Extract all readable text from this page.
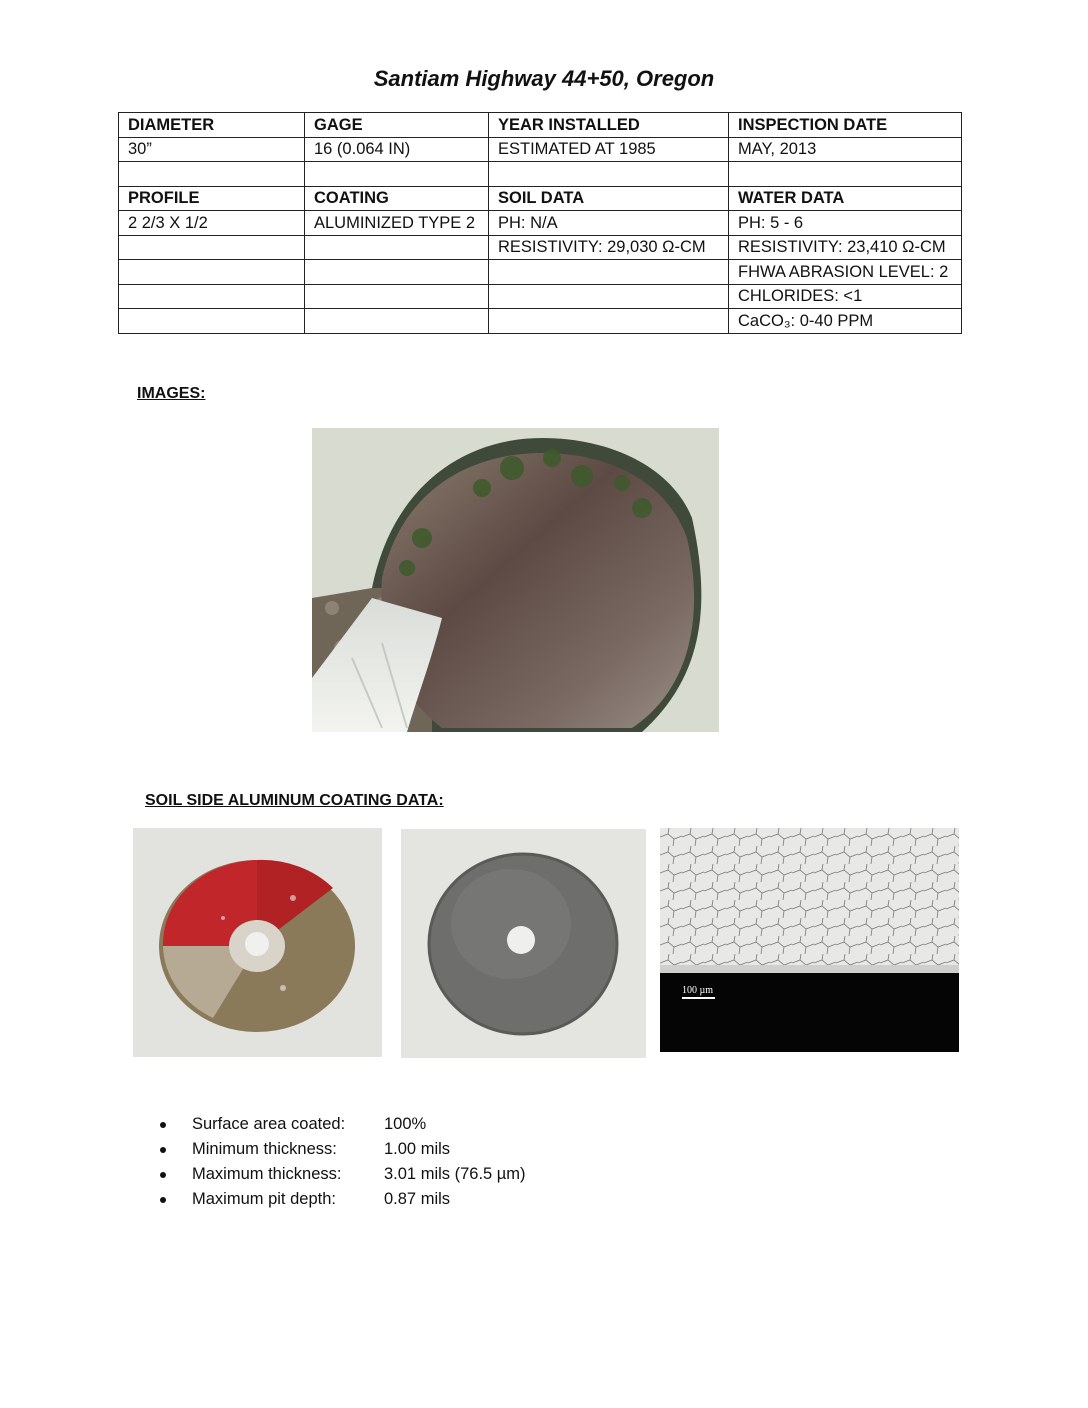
Santiam Highway 44+50, Oregon
DIAMETER	GAGE	YEAR INSTALLED	INSPECTION DATE
30”	16 (0.064 IN)	ESTIMATED AT 1985	MAY, 2013

PROFILE	COATING	SOIL DATA	WATER DATA
2 2/3 X 1/2	ALUMINIZED TYPE 2	PH: N/A	PH: 5 - 6
		RESISTIVITY: 29,030 Ω-CM	RESISTIVITY: 23,410 Ω-CM
			FHWA ABRASION LEVEL: 2
			CHLORIDES: <1
			CaCO₃: 0-40 PPM
IMAGES:
SOIL SIDE ALUMINUM COATING DATA:
100 µm
Surface area coated: 100%
Minimum thickness:	1.00 mils
Maximum thickness:	3.01 mils (76.5 µm)
Maximum pit depth:	0.87 mils
